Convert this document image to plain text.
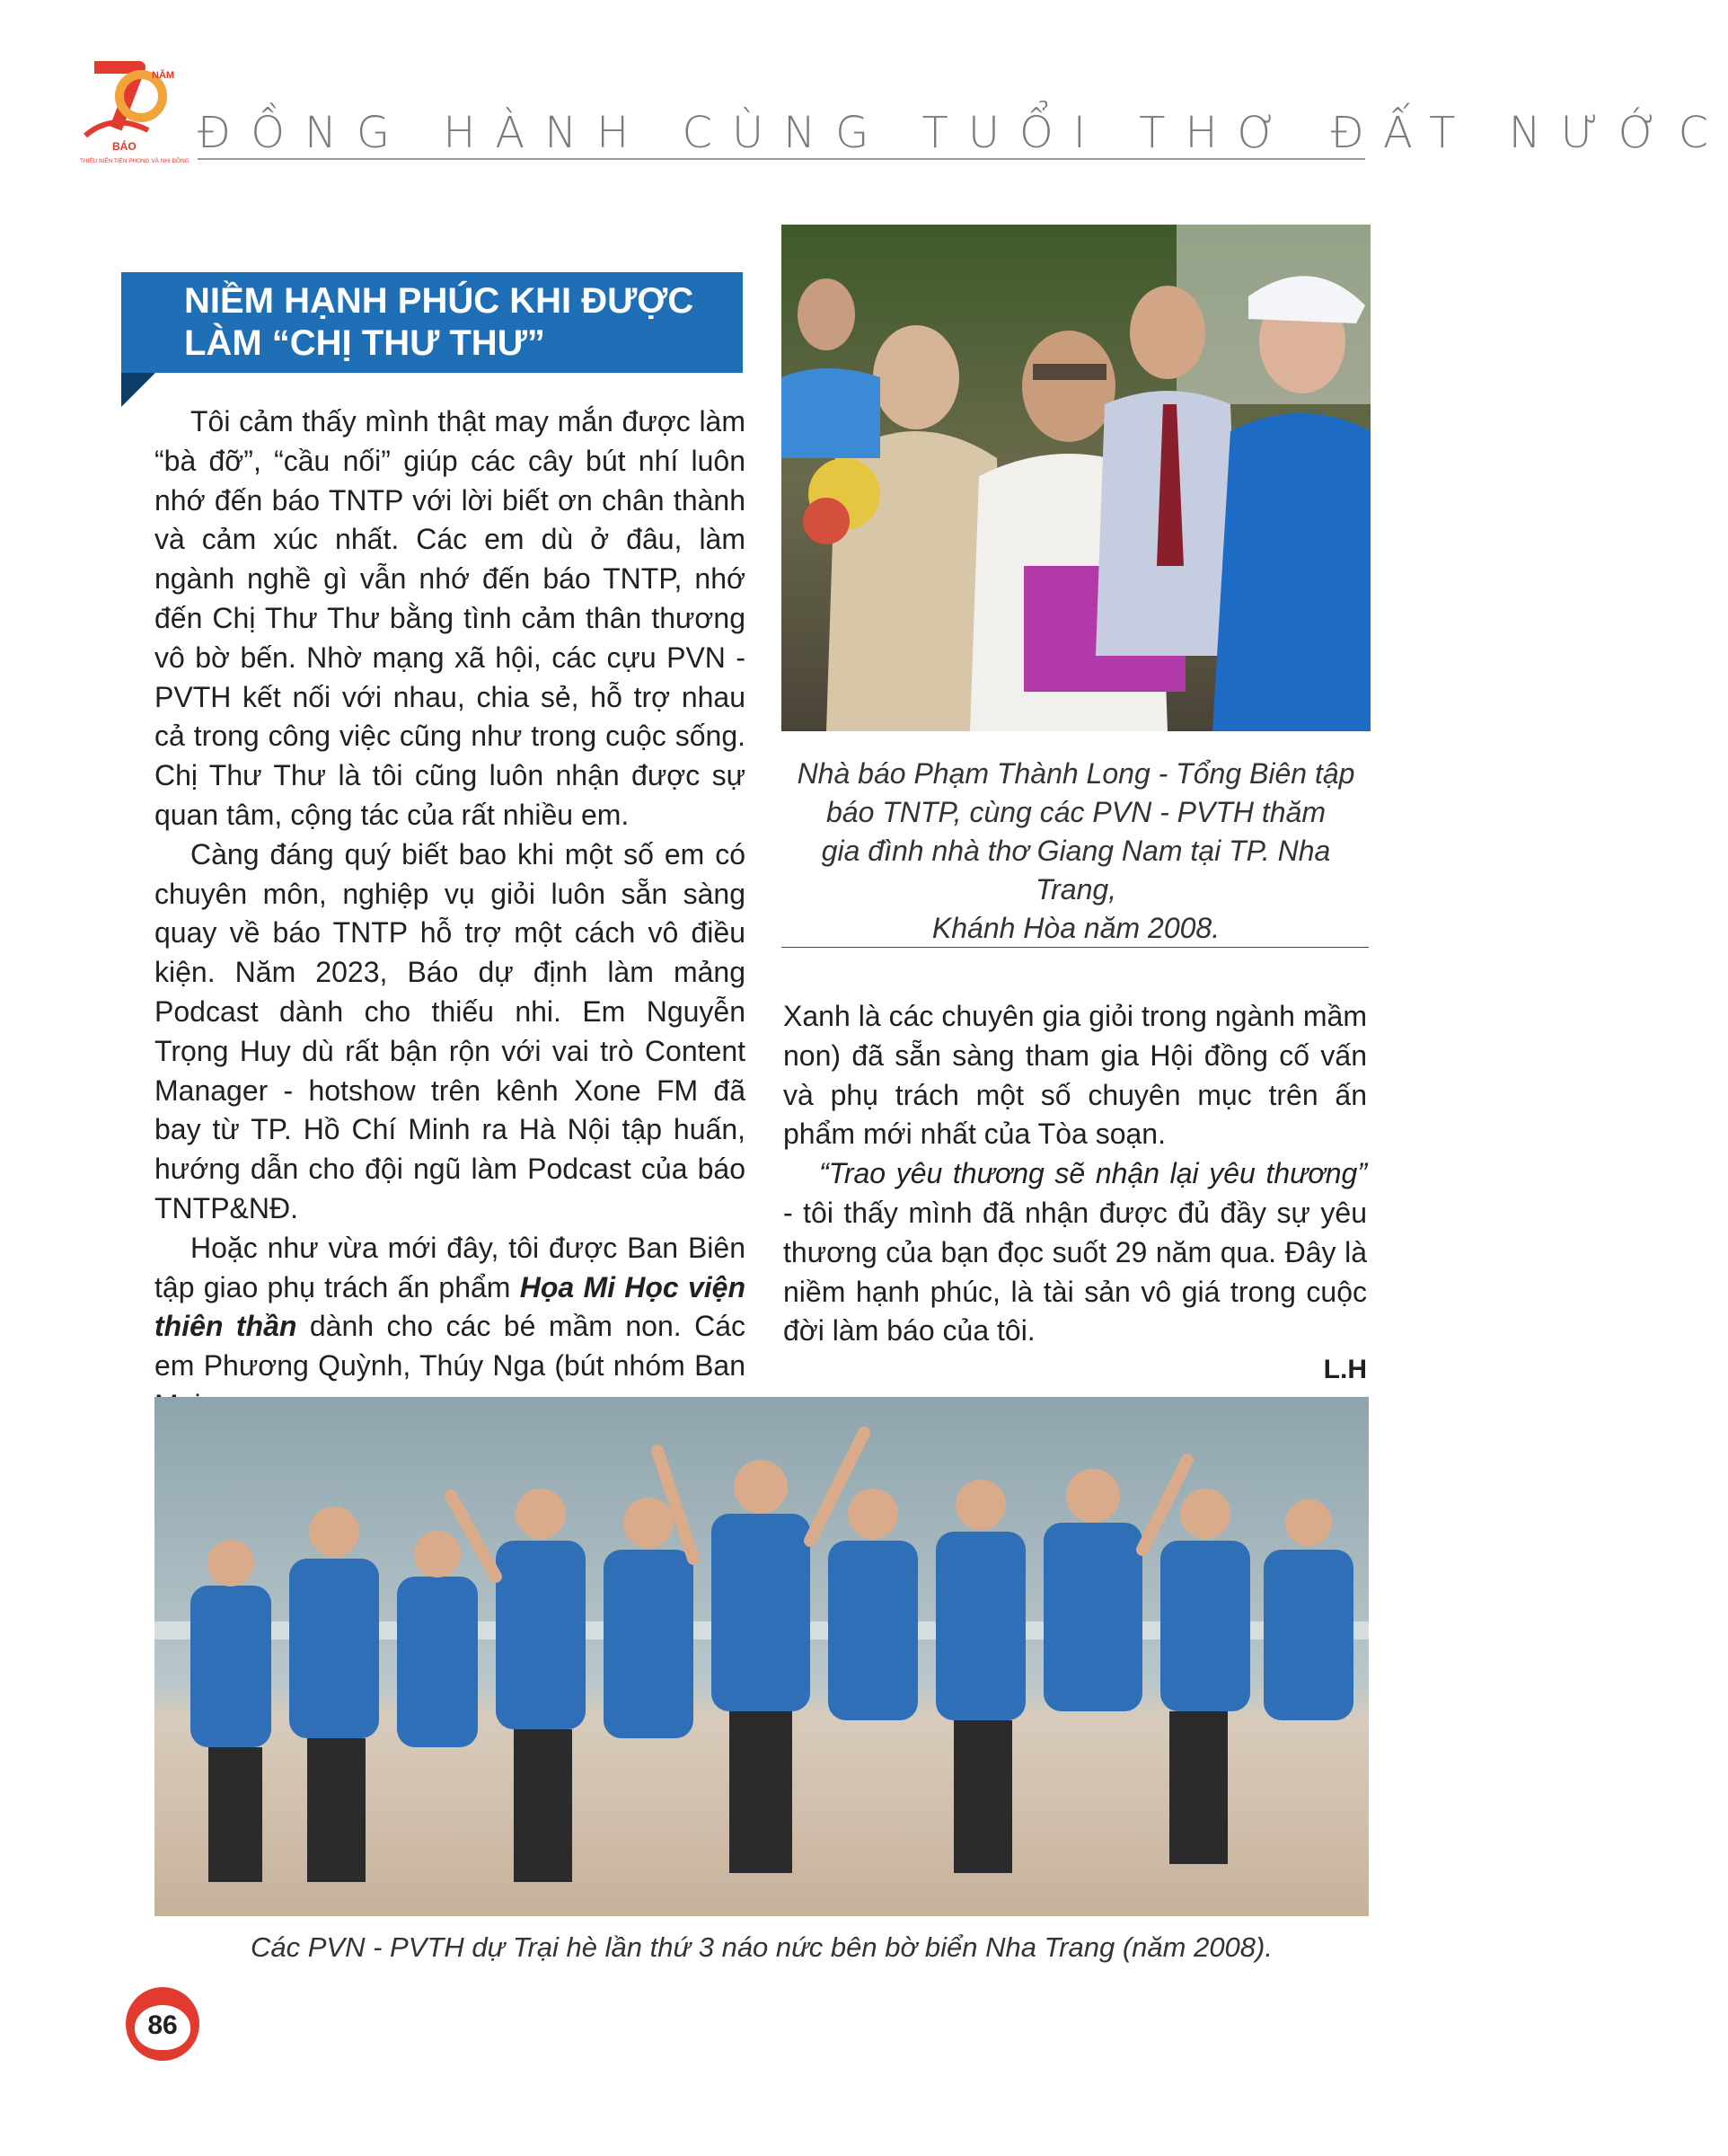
NĂM
BÁO
THIẾU NIÊN TIỀN PHONG VÀ NHI ĐỒNG
ĐỒNG HÀNH CÙNG TUỔI THƠ ĐẤT NƯỚC
NIỀM HẠNH PHÚC KHI ĐƯỢC
LÀM “CHỊ THƯ THƯ”

Tôi cảm thấy mình thật may mắn được làm “bà đỡ”, “cầu nối” giúp các cây bút nhí luôn nhớ đến báo TNTP với lời biết ơn chân thành và cảm xúc nhất. Các em dù ở đâu, làm ngành nghề gì vẫn nhớ đến báo TNTP, nhớ đến Chị Thư Thư bằng tình cảm thân thương vô bờ bến. Nhờ mạng xã hội, các cựu PVN - PVTH kết nối với nhau, chia sẻ, hỗ trợ nhau cả trong công việc cũng như trong cuộc sống. Chị Thư Thư là tôi cũng luôn nhận được sự quan tâm, cộng tác của rất nhiều em.

Càng đáng quý biết bao khi một số em có chuyên môn, nghiệp vụ giỏi luôn sẵn sàng quay về báo TNTP hỗ trợ một cách vô điều kiện. Năm 2023, Báo dự định làm mảng Podcast dành cho thiếu nhi. Em Nguyễn Trọng Huy dù rất bận rộn với vai trò Content Manager - hotshow trên kênh Xone FM đã bay từ TP. Hồ Chí Minh ra Hà Nội tập huấn, hướng dẫn cho đội ngũ làm Podcast của báo TNTP&NĐ.

Hoặc như vừa mới đây, tôi được Ban Biên tập giao phụ trách ấn phẩm Họa Mi Học viện thiên thần dành cho các bé mầm non. Các em Phương Quỳnh, Thúy Nga (bút nhóm Ban

Nhà báo Phạm Thành Long - Tổng Biên tập
báo TNTP, cùng các PVN - PVTH thăm
gia đình nhà thơ Giang Nam tại TP. Nha Trang,
Khánh Hòa năm 2008.

Xanh là các chuyên gia giỏi trong ngành mầm non) đã sẵn sàng tham gia Hội đồng cố vấn và phụ trách một số chuyên mục trên ấn phẩm mới nhất của Tòa soạn.

“Trao yêu thương sẽ nhận lại yêu thương” - tôi thấy mình đã nhận được đủ đầy sự yêu thương của bạn đọc suốt 29 năm qua. Đây là niềm hạnh phúc, là tài sản vô giá trong cuộc đời làm báo của tôi.

L.H
Các PVN - PVTH dự Trại hè lần thứ 3 náo nức bên bờ biển Nha Trang (năm 2008).
86
